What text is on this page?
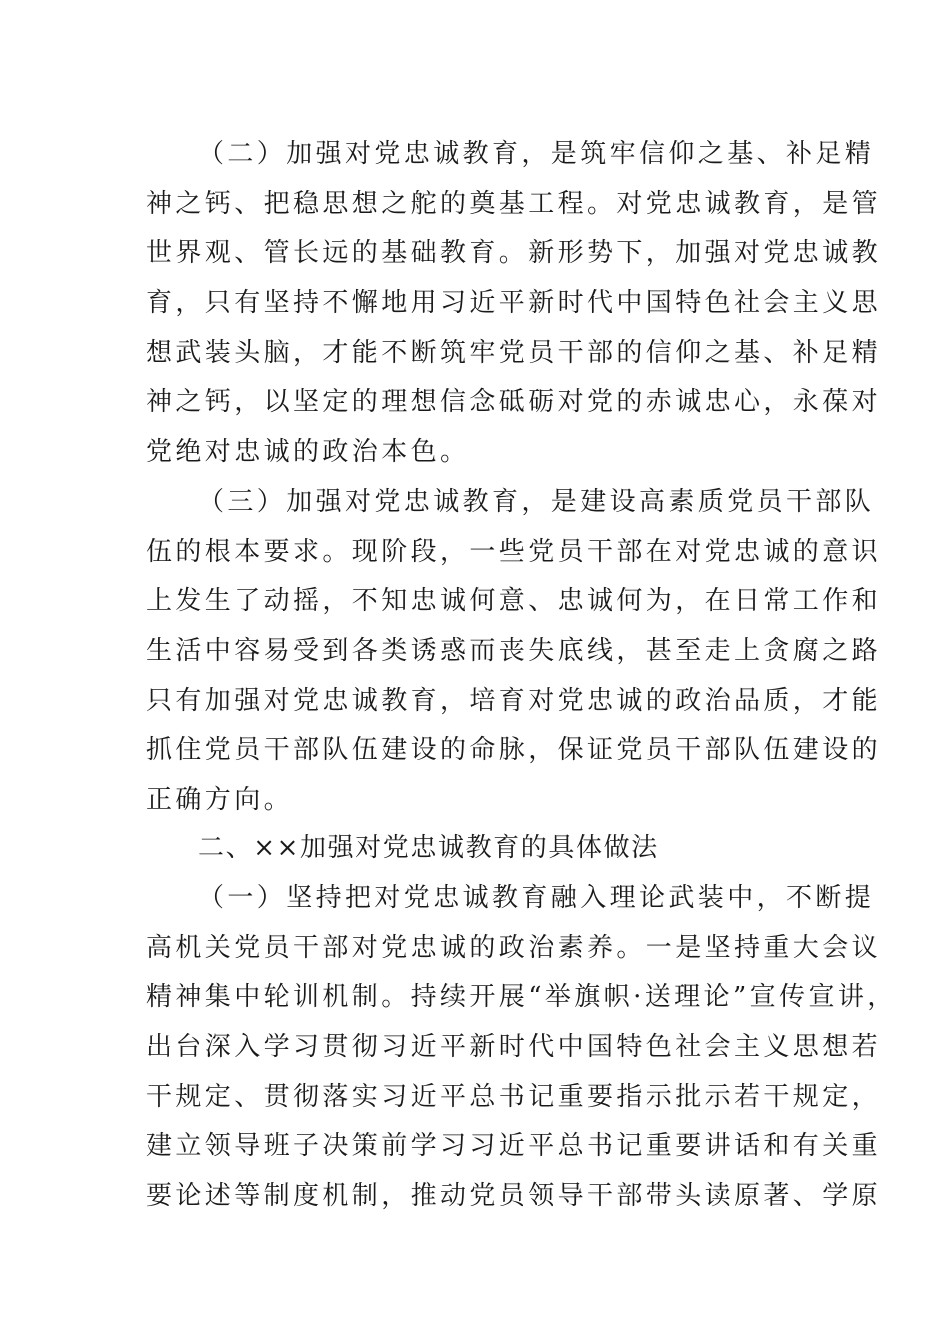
（二）加强对党忠诚教育，是筑牢信仰之基、补足精
神之钙、把稳思想之舵的奠基工程。对党忠诚教育，是管
世界观、管长远的基础教育。新形势下，加强对党忠诚教
育，只有坚持不懈地用习近平新时代中国特色社会主义思
想武装头脑，才能不断筑牢党员干部的信仰之基、补足精
神之钙，以坚定的理想信念砥砺对党的赤诚忠心，永葆对
党绝对忠诚的政治本色。
（三）加强对党忠诚教育，是建设高素质党员干部队
伍的根本要求。现阶段，一些党员干部在对党忠诚的意识
上发生了动摇，不知忠诚何意、忠诚何为，在日常工作和
生活中容易受到各类诱惑而丧失底线，甚至走上贪腐之路
只有加强对党忠诚教育，培育对党忠诚的政治品质，才能
抓住党员干部队伍建设的命脉，保证党员干部队伍建设的
正确方向。
二、××加强对党忠诚教育的具体做法
（一）坚持把对党忠诚教育融入理论武装中，不断提
高机关党员干部对党忠诚的政治素养。一是坚持重大会议
精神集中轮训机制。持续开展“举旗帜·送理论”宣传宣讲，
出台深入学习贯彻习近平新时代中国特色社会主义思想若
干规定、贯彻落实习近平总书记重要指示批示若干规定，
建立领导班子决策前学习习近平总书记重要讲话和有关重
要论述等制度机制，推动党员领导干部带头读原著、学原
